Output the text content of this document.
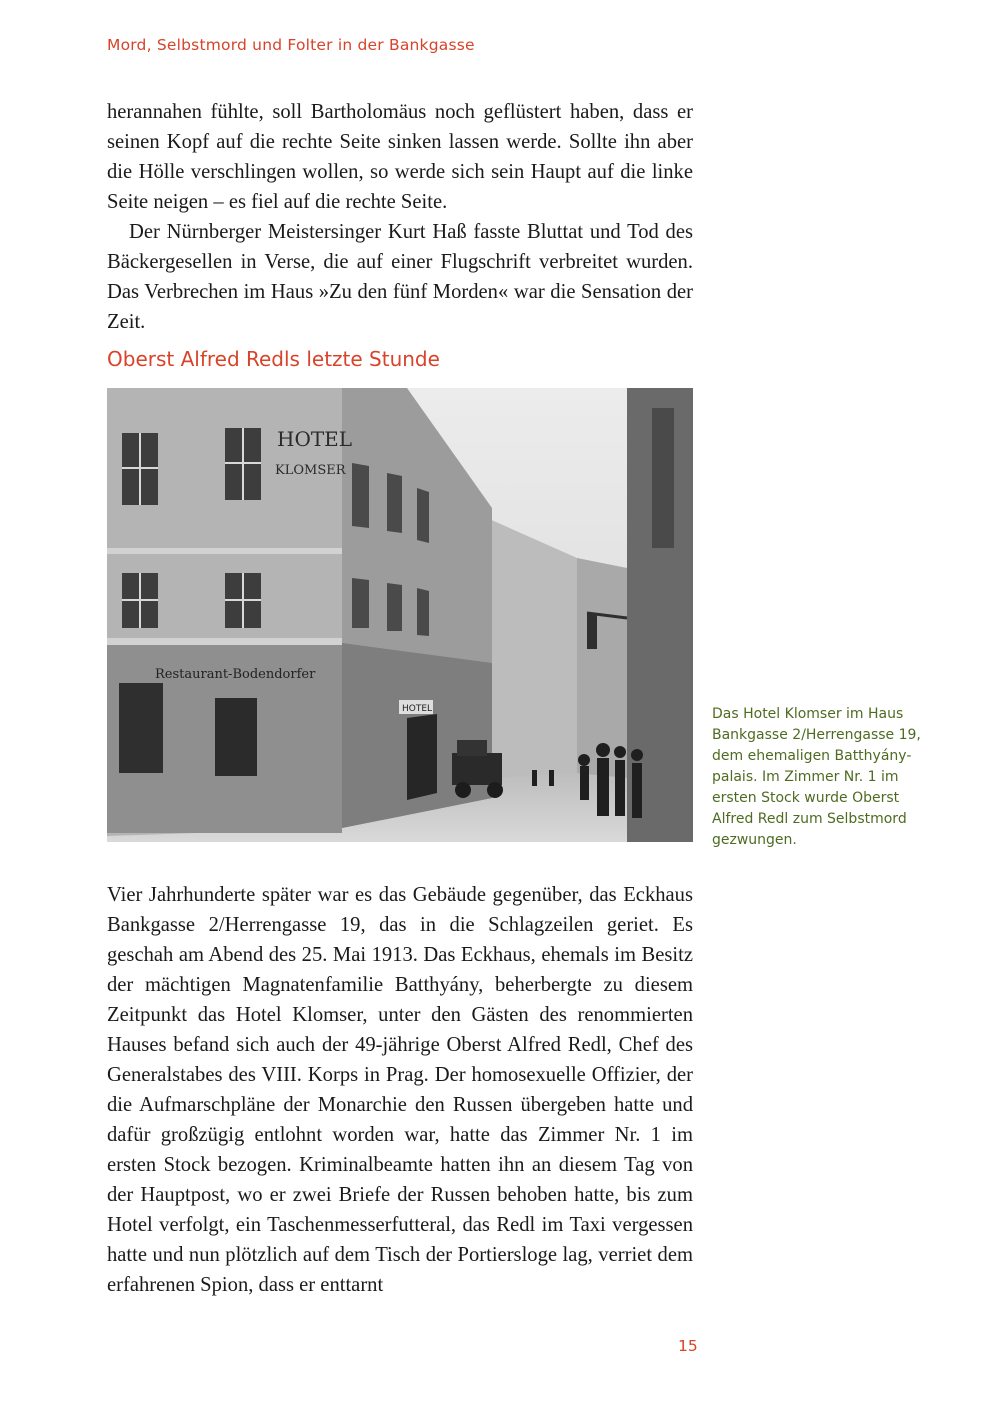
Mord, Selbstmord und Folter in der Bankgasse

herannahen fühlte, soll Bartholomäus noch geflüstert haben, dass er seinen Kopf auf die rechte Seite sinken lassen werde. Sollte ihn aber die Hölle verschlingen wollen, so werde sich sein Haupt auf die linke Seite neigen – es fiel auf die rechte Seite.

Der Nürnberger Meistersinger Kurt Haß fasste Bluttat und Tod des Bäckergesellen in Verse, die auf einer Flugschrift verbreitet wurden. Das Verbrechen im Haus »Zu den fünf Morden« war die Sensation der Zeit.

Oberst Alfred Redls letzte Stunde
HOTEL
KLOMSER
Restaurant-Bodendorfer
HOTEL	Das Hotel Klomser im Haus

Bankgasse 2/Herrengasse 19,

dem ehemaligen Batthyány-

palais. Im Zimmer Nr. 1 im

ersten Stock wurde Oberst

Alfred Redl zum Selbstmord

gezwungen.

Vier Jahrhunderte später war es das Gebäude gegenüber, das Eckhaus Bankgasse 2/Herrengasse 19, das in die Schlagzeilen geriet. Es geschah am Abend des 25. Mai 1913. Das Eckhaus, ehemals im Besitz der mächtigen Magnatenfamilie Batthyány, beherbergte zu diesem Zeitpunkt das Hotel Klomser, unter den Gästen des renommierten Hauses befand sich auch der 49-jährige Oberst Alfred Redl, Chef des Generalstabes des VIII. Korps in Prag. Der homosexuelle Offizier, der die Aufmarschpläne der Monarchie den Russen übergeben hatte und dafür großzügig entlohnt worden war, hatte das Zimmer Nr. 1 im ersten Stock bezogen. Kriminalbeamte hatten ihn an diesem Tag von der Hauptpost, wo er zwei Briefe der Russen behoben hatte, bis zum Hotel verfolgt, ein Taschenmesserfutteral, das Redl im Taxi vergessen hatte und nun plötzlich auf dem Tisch der Portiersloge lag, verriet dem erfahrenen Spion, dass er enttarnt

15
